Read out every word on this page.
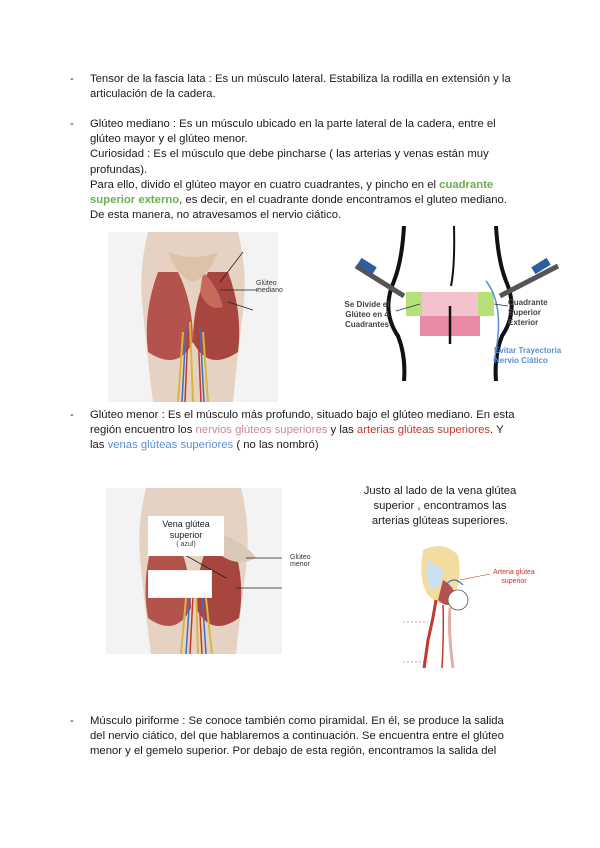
- Tensor de la fascia lata : Es un músculo lateral. Estabiliza la rodilla en extensión y la articulación de la cadera.
- Glúteo mediano : Es un músculo ubicado en la parte lateral de la cadera, entre el glúteo mayor y el glúteo menor.
Curiosidad : Es el músculo que debe pincharse ( las arterias y venas están muy profundas).
Para ello, divido el glúteo mayor en cuatro cuadrantes, y pincho en el cuadrante superior externo, es decir, en el cuadrante donde encontramos el gluteo mediano.
De esta manera, no atravesamos el nervio ciático.
Glúteo mediano
Se Divide el Glúteo en 4 Cuadrantes
Cuadrante Superior Exterior
Evitar Trayectoria Nervio Ciático
- Glúteo menor : Es el músculo más profundo, situado bajo el glúteo mediano. En esta región encuentro los nervios glúteos superiores y las arterias glúteas superiores. Y las venas glúteas superiores ( no las nombró)
Vena glútea superior
( azul)
Glúteo menor
Justo al lado de la vena glútea superior , encontramos las arterias glúteas superiores.
Arteria glútea superior
- Músculo piriforme : Se conoce también como piramidal. En él, se produce la salida del nervio ciático, del que hablaremos a continuación. Se encuentra entre el glúteo menor y el gemelo superior. Por debajo de esta región, encontramos la salida del
